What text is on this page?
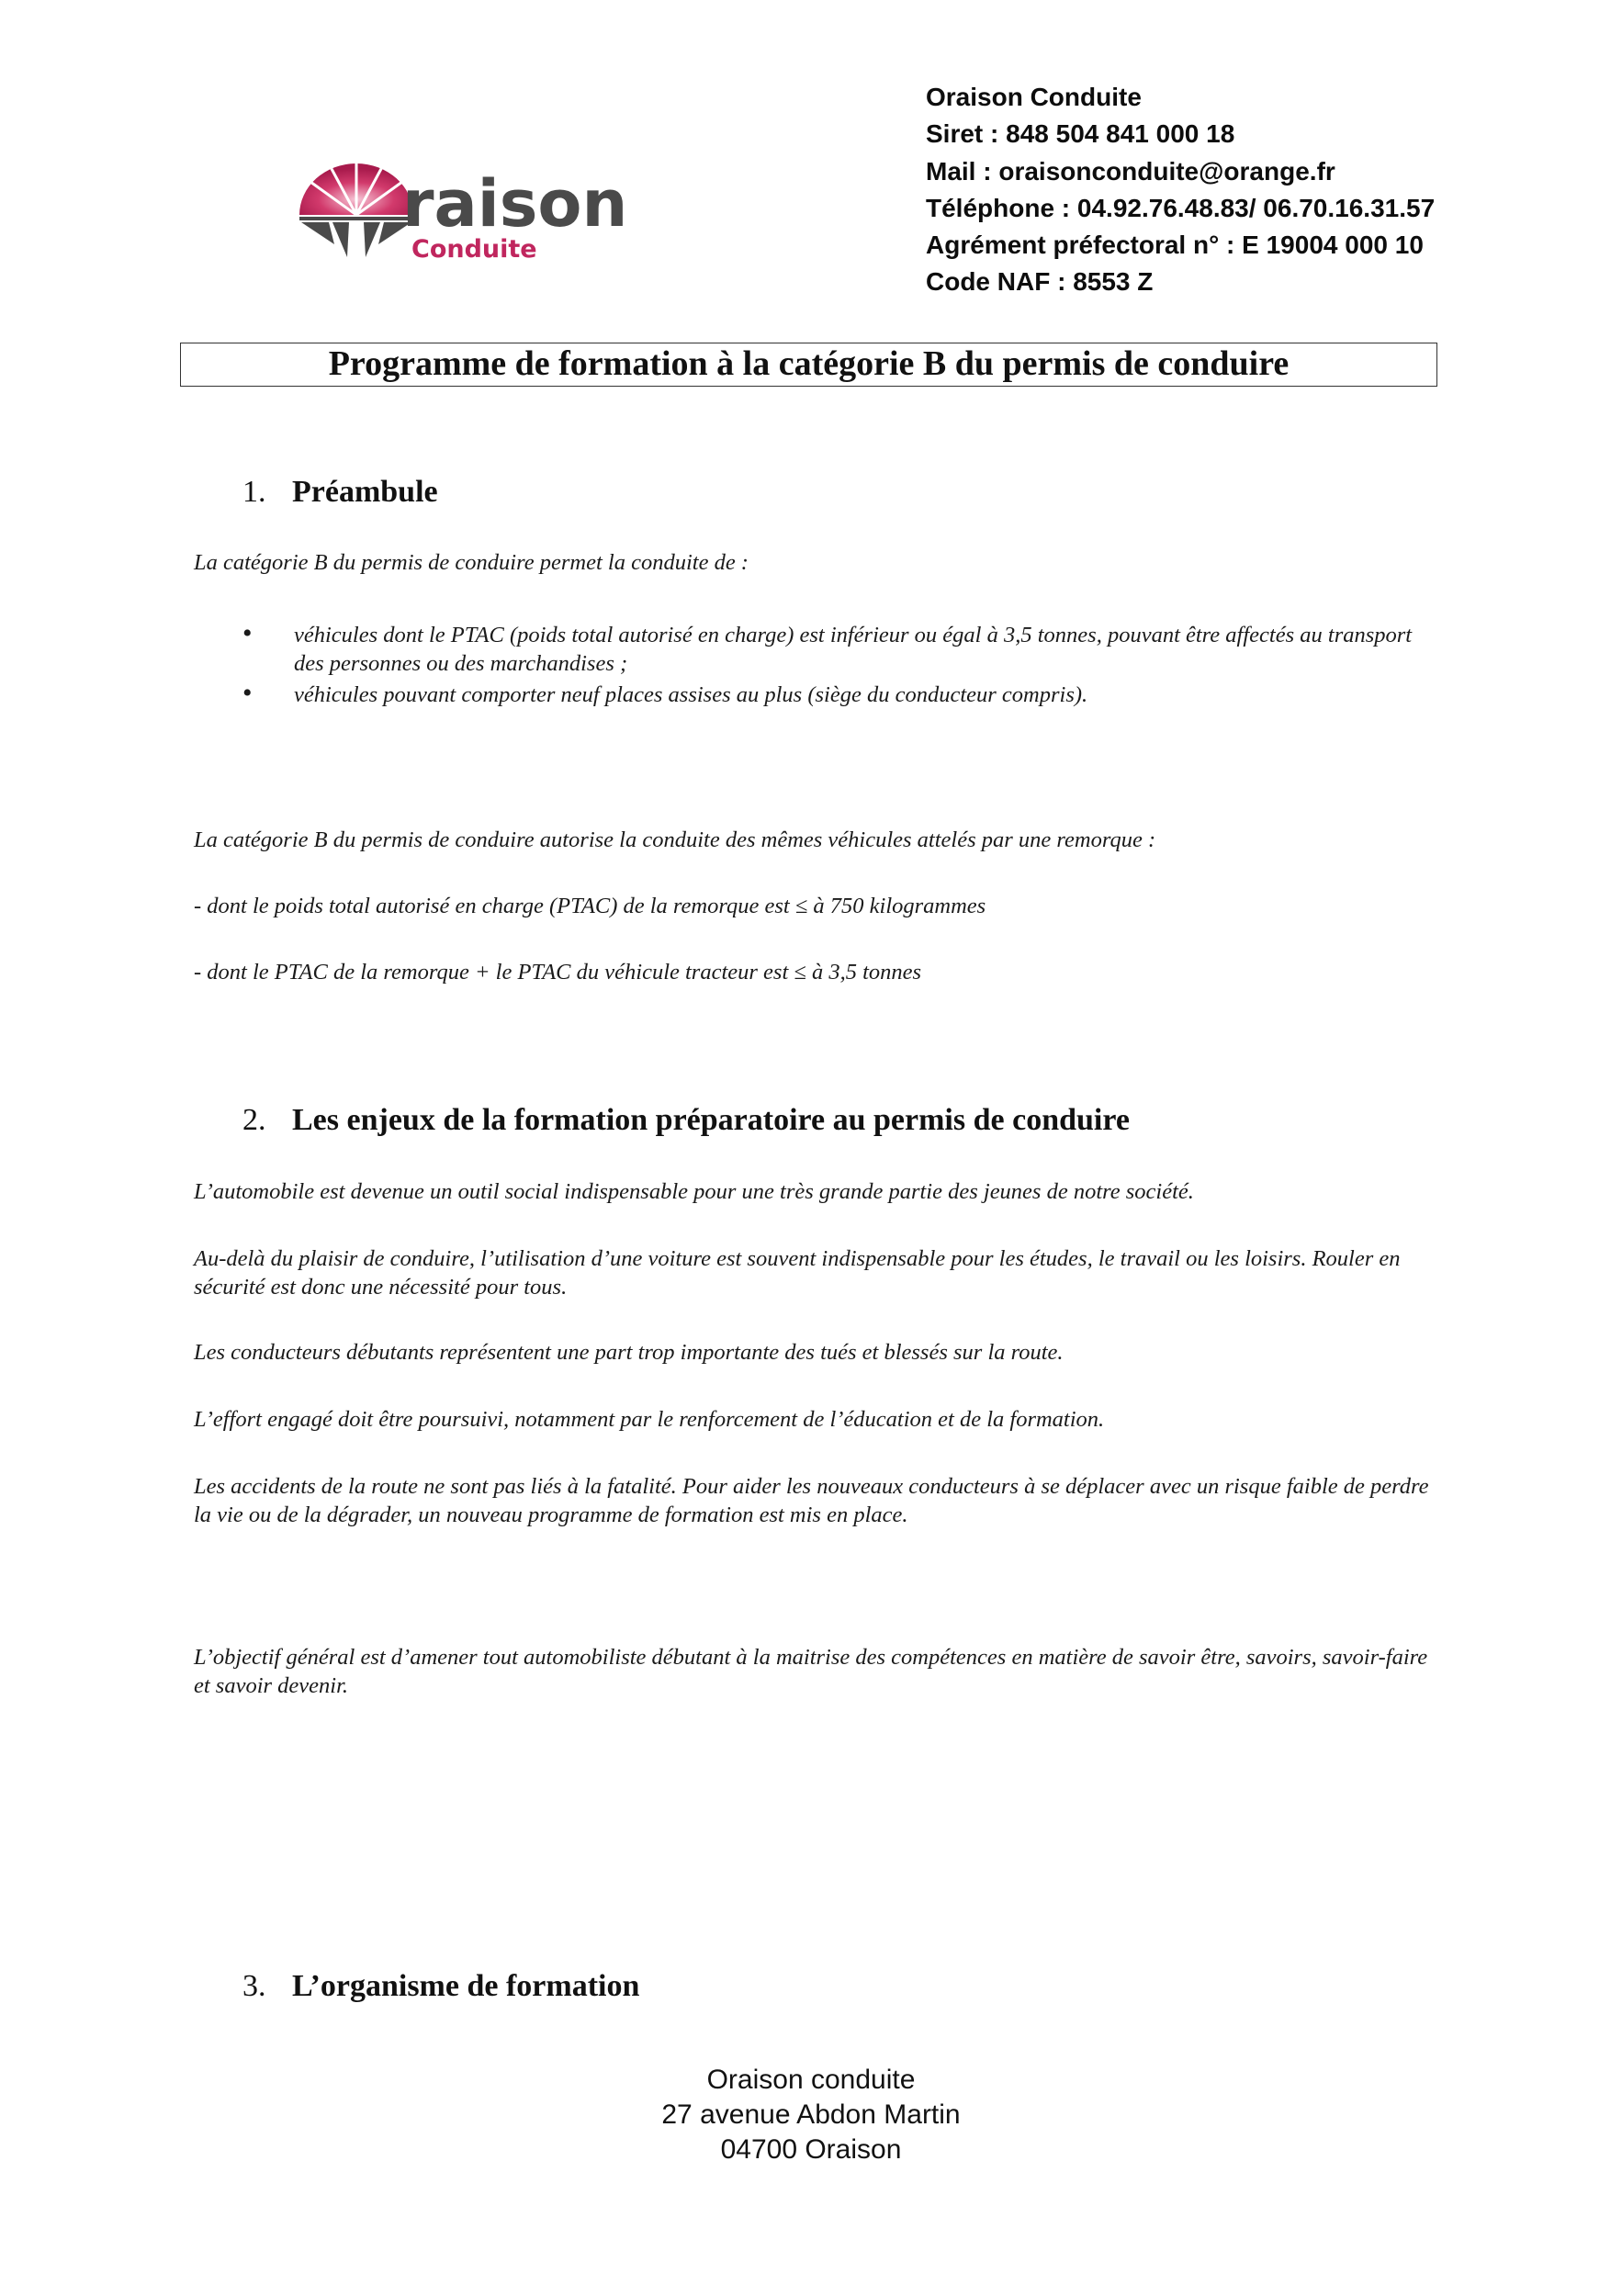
raison
Conduite
Oraison Conduite
Siret : 848 504 841 000 18
Mail : oraisonconduite@orange.fr
Téléphone : 04.92.76.48.83/ 06.70.16.31.57
Agrément préfectoral n° : E 19004 000 10
Code NAF : 8553 Z
Programme de formation à la catégorie B du permis de conduire
1. Préambule
La catégorie B du permis de conduire permet la conduite de :
• véhicules dont le PTAC (poids total autorisé en charge) est inférieur ou égal à 3,5 tonnes, pouvant être affectés au transport des personnes ou des marchandises ;
• véhicules pouvant comporter neuf places assises au plus (siège du conducteur compris).
La catégorie B du permis de conduire autorise la conduite des mêmes véhicules attelés par une remorque :
- dont le poids total autorisé en charge (PTAC) de la remorque est ≤ à 750 kilogrammes
- dont le PTAC de la remorque + le PTAC du véhicule tracteur est ≤ à 3,5 tonnes
2. Les enjeux de la formation préparatoire au permis de conduire
L’automobile est devenue un outil social indispensable pour une très grande partie des jeunes de notre société.
Au-delà du plaisir de conduire, l’utilisation d’une voiture est souvent indispensable pour les études, le travail ou les loisirs. Rouler en sécurité est donc une nécessité pour tous.
Les conducteurs débutants représentent une part trop importante des tués et blessés sur la route.
L’effort engagé doit être poursuivi, notamment par le renforcement de l’éducation et de la formation.
Les accidents de la route ne sont pas liés à la fatalité. Pour aider les nouveaux conducteurs à se déplacer avec un risque faible de perdre la vie ou de la dégrader, un nouveau programme de formation est mis en place.
L’objectif général est d’amener tout automobiliste débutant à la maitrise des compétences en matière de savoir être, savoirs, savoir-faire et savoir devenir.
3. L’organisme de formation
Oraison conduite
27 avenue Abdon Martin
04700 Oraison
